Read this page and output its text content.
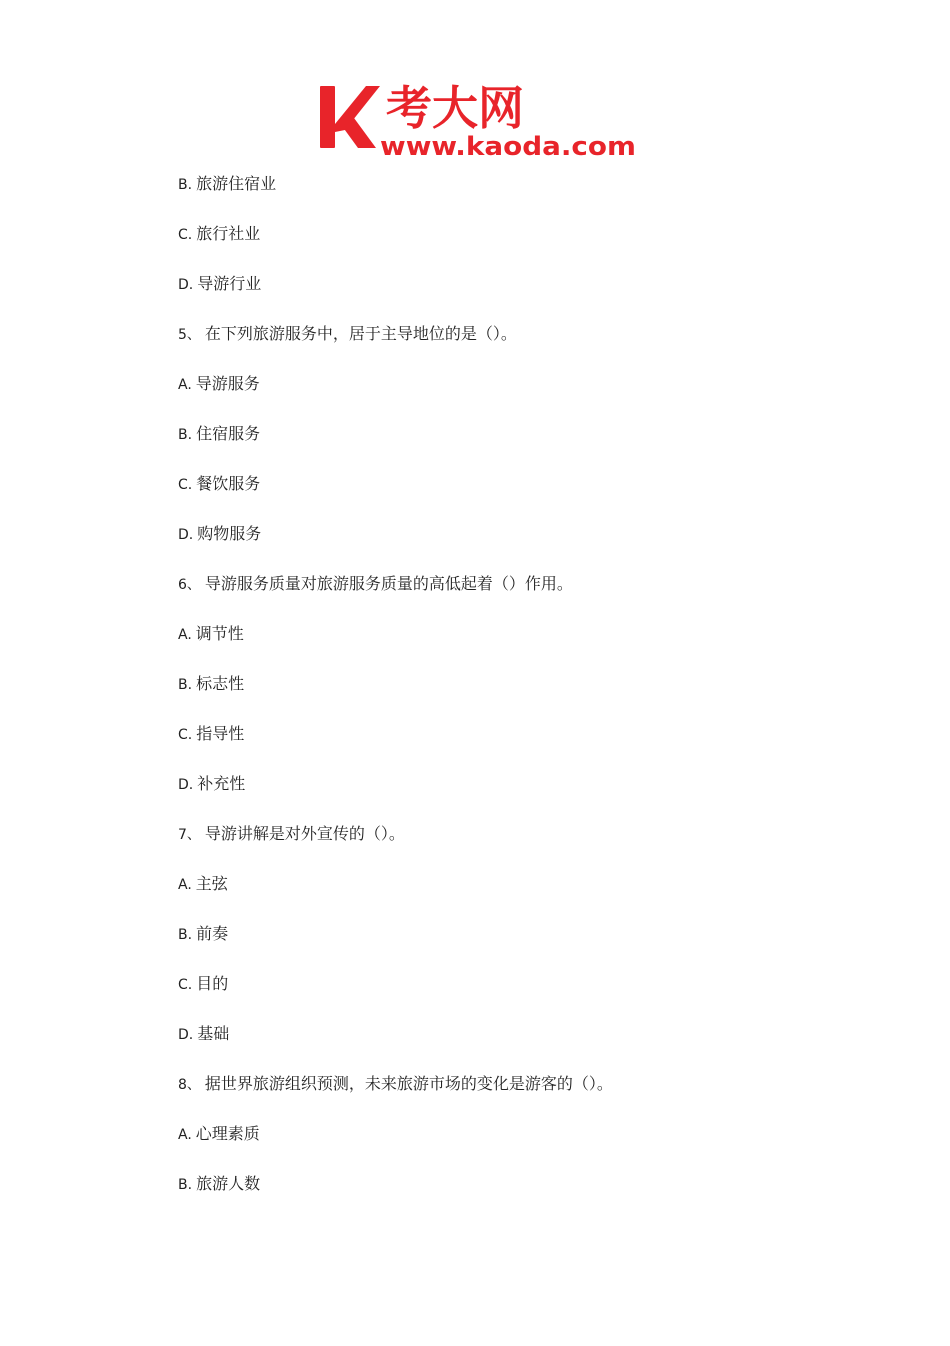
考大网
www.kaoda.com
B. 旅游住宿业
C. 旅行社业
D. 导游行业
5、 在下列旅游服务中，居于主导地位的是（）。
A. 导游服务
B. 住宿服务
C. 餐饮服务
D. 购物服务
6、 导游服务质量对旅游服务质量的高低起着（）作用。
A. 调节性
B. 标志性
C. 指导性
D. 补充性
7、 导游讲解是对外宣传的（）。
A. 主弦
B. 前奏
C. 目的
D. 基础
8、 据世界旅游组织预测，未来旅游市场的变化是游客的（）。
A. 心理素质
B. 旅游人数
